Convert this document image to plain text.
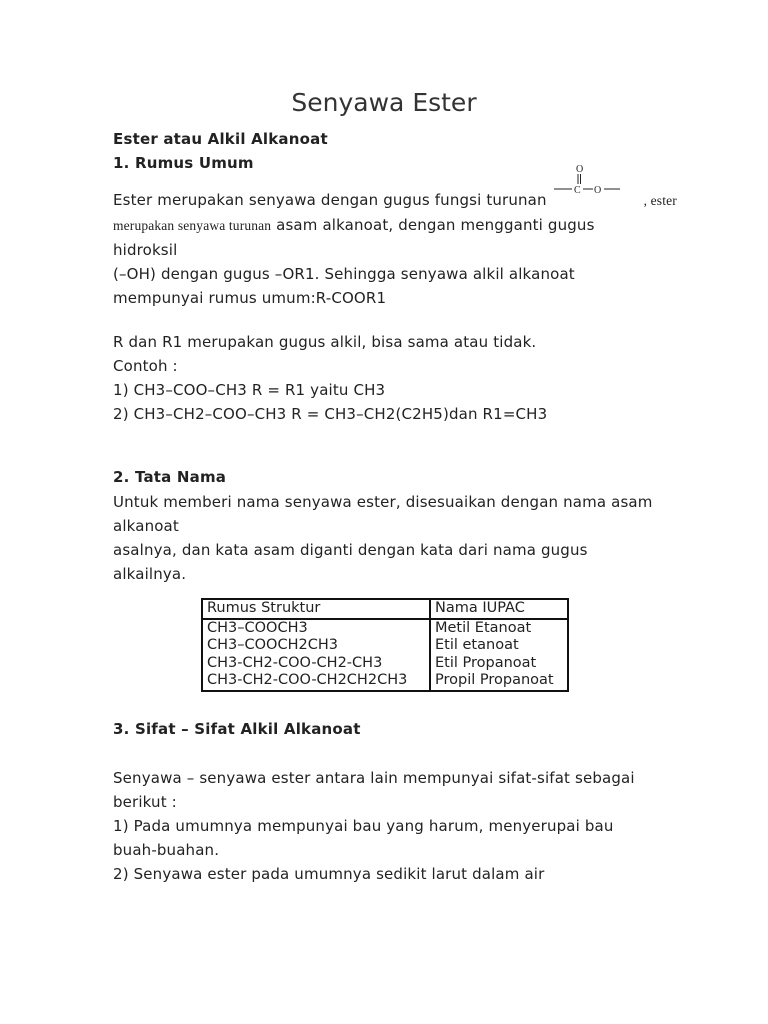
Senyawa Ester
Ester atau Alkil Alkanoat
1. Rumus Umum
Ester merupakan senyawa dengan gugus fungsi turunan
O
C O
, ester
merupakan senyawa turunan asam alkanoat, dengan mengganti gugus
hidroksil
(–OH) dengan gugus –OR1. Sehingga senyawa alkil alkanoat
mempunyai rumus umum:R-COOR1
R dan R1 merupakan gugus alkil, bisa sama atau tidak.
Contoh :
1) CH3–COO–CH3 R = R1 yaitu CH3
2) CH3–CH2–COO–CH3 R = CH3–CH2(C2H5)dan R1=CH3
2. Tata Nama
Untuk memberi nama senyawa ester, disesuaikan dengan nama asam
alkanoat
asalnya, dan kata asam diganti dengan kata dari nama gugus
alkailnya.
Rumus Struktur	Nama IUPAC
CH3–COOCH3	Metil Etanoat
CH3–COOCH2CH3	Etil etanoat
CH3-CH2-COO-CH2-CH3	Etil Propanoat
CH3-CH2-COO-CH2CH2CH3	Propil Propanoat
3. Sifat – Sifat Alkil Alkanoat
Senyawa – senyawa ester antara lain mempunyai sifat-sifat sebagai
berikut :
1) Pada umumnya mempunyai bau yang harum, menyerupai bau
buah-buahan.
2) Senyawa ester pada umumnya sedikit larut dalam air
